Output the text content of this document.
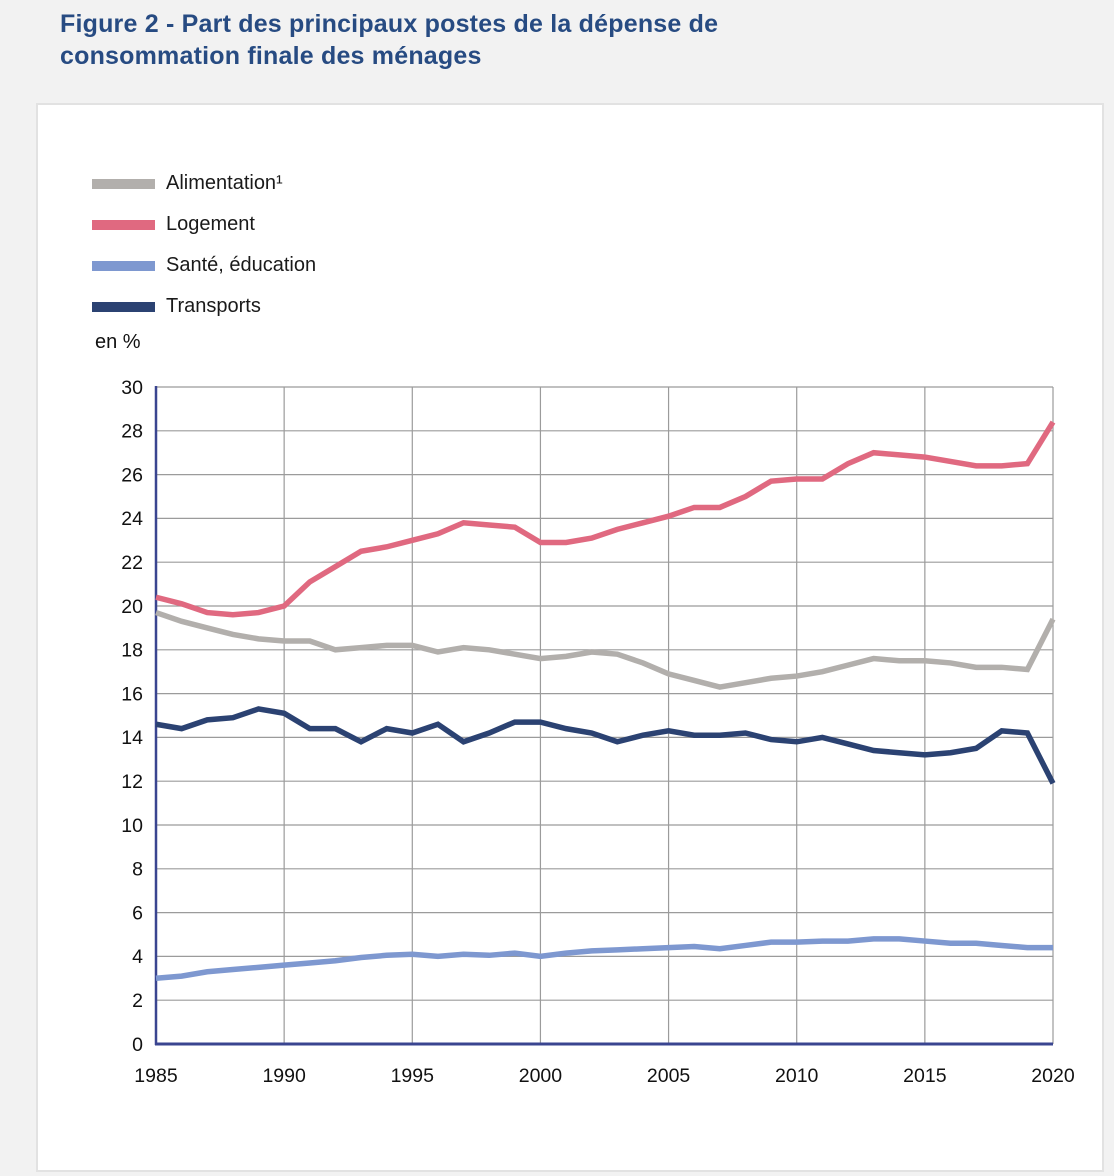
Figure 2 - Part des principaux postes de la dépense de consommation finale des ménages
Alimentation¹
Logement
Santé, éducation
Transports
en %
0
2
4
6
8
10
12
14
16
18
20
22
24
26
28
30
1985	1990	1995	2000	2005	2010	2015	2020
